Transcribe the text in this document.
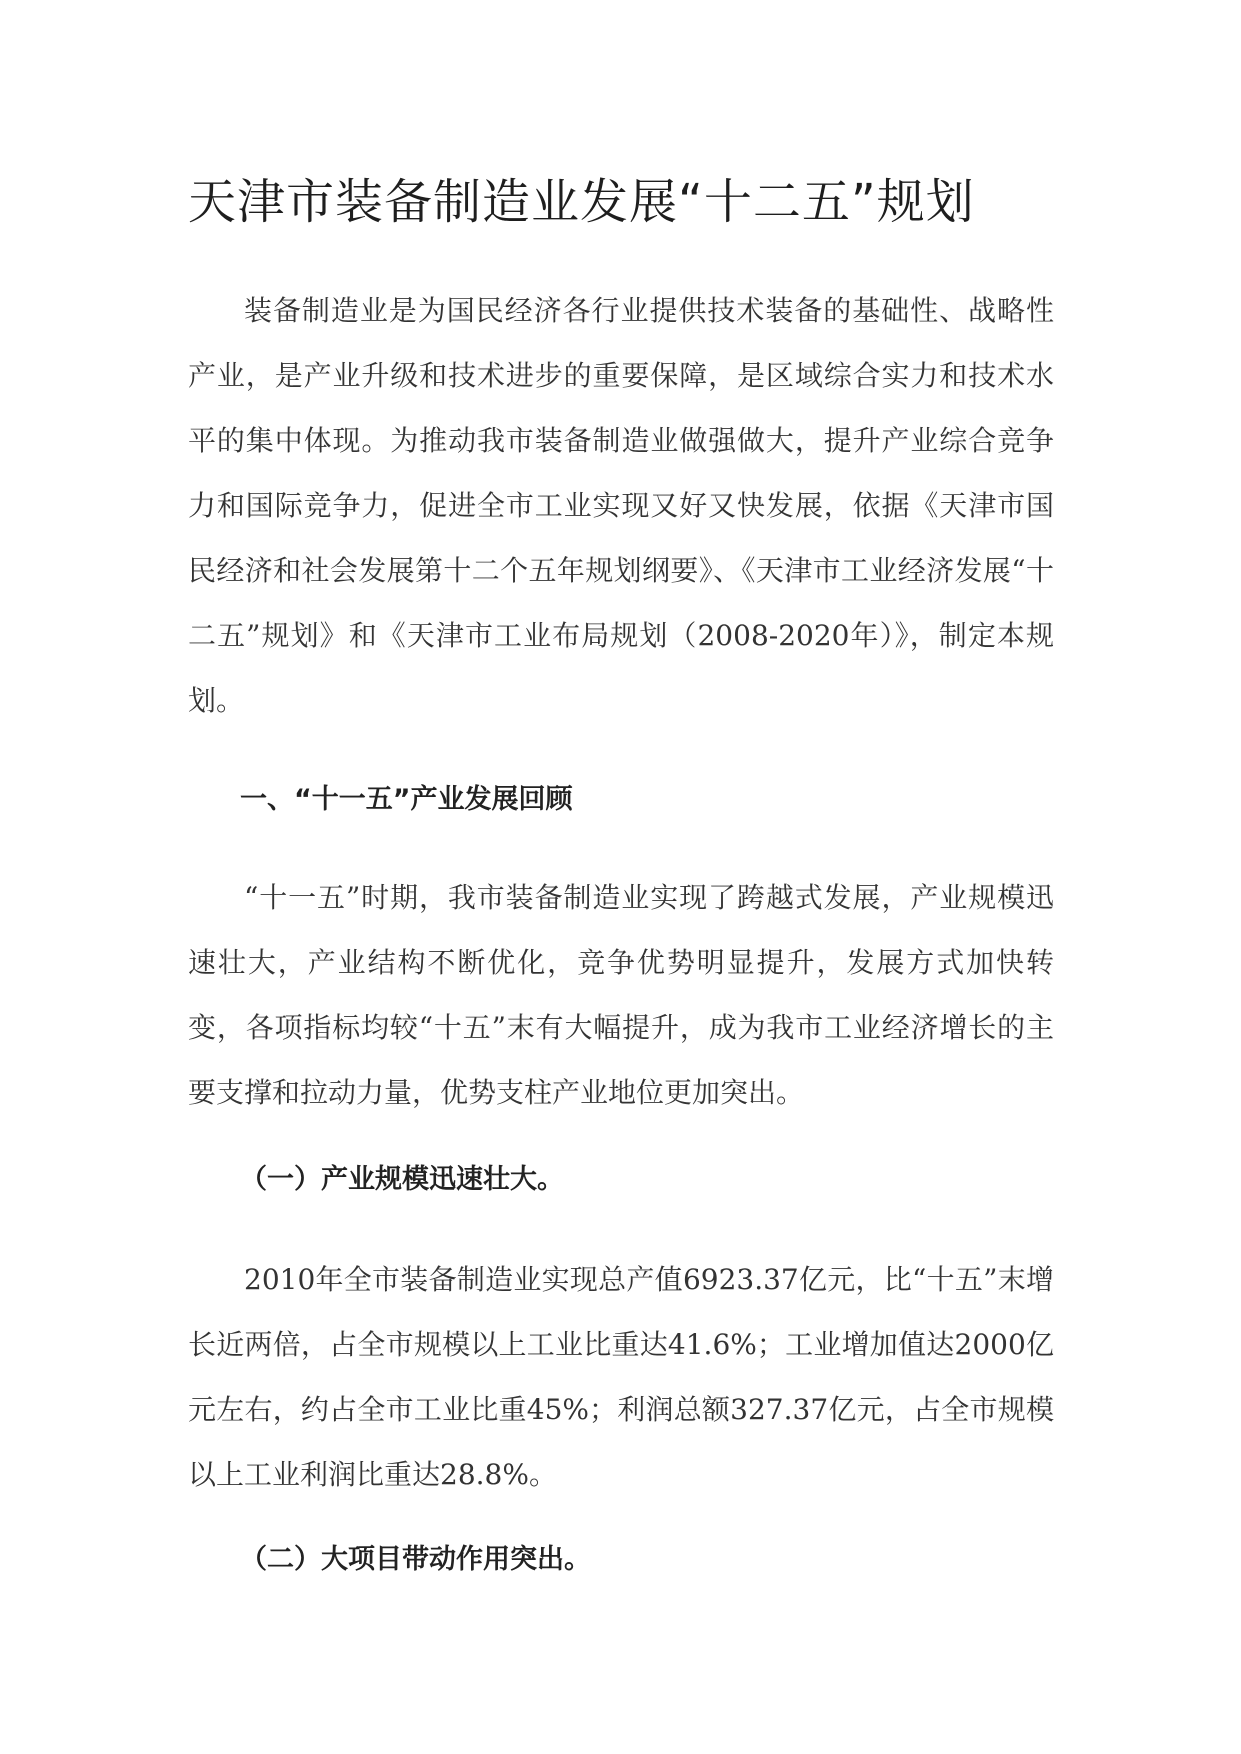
天津市装备制造业发展“十二五”规划

装备制造业是为国民经济各行业提供技术装备的基础性、战略性产业，是产业升级和技术进步的重要保障，是区域综合实力和技术水平的集中体现。为推动我市装备制造业做强做大，提升产业综合竞争力和国际竞争力，促进全市工业实现又好又快发展，依据《天津市国民经济和社会发展第十二个五年规划纲要》、《天津市工业经济发展“十二五”规划》和《天津市工业布局规划（2008-2020年）》，制定本规划。

一、“十一五”产业发展回顾

“十一五”时期，我市装备制造业实现了跨越式发展，产业规模迅速壮大，产业结构不断优化，竞争优势明显提升，发展方式加快转变，各项指标均较“十五”末有大幅提升，成为我市工业经济增长的主要支撑和拉动力量，优势支柱产业地位更加突出。

（一）产业规模迅速壮大。

2010年全市装备制造业实现总产值6923.37亿元，比“十五”末增长近两倍，占全市规模以上工业比重达41.6%；工业增加值达2000亿元左右，约占全市工业比重45%；利润总额327.37亿元，占全市规模以上工业利润比重达28.8%。

（二）大项目带动作用突出。
